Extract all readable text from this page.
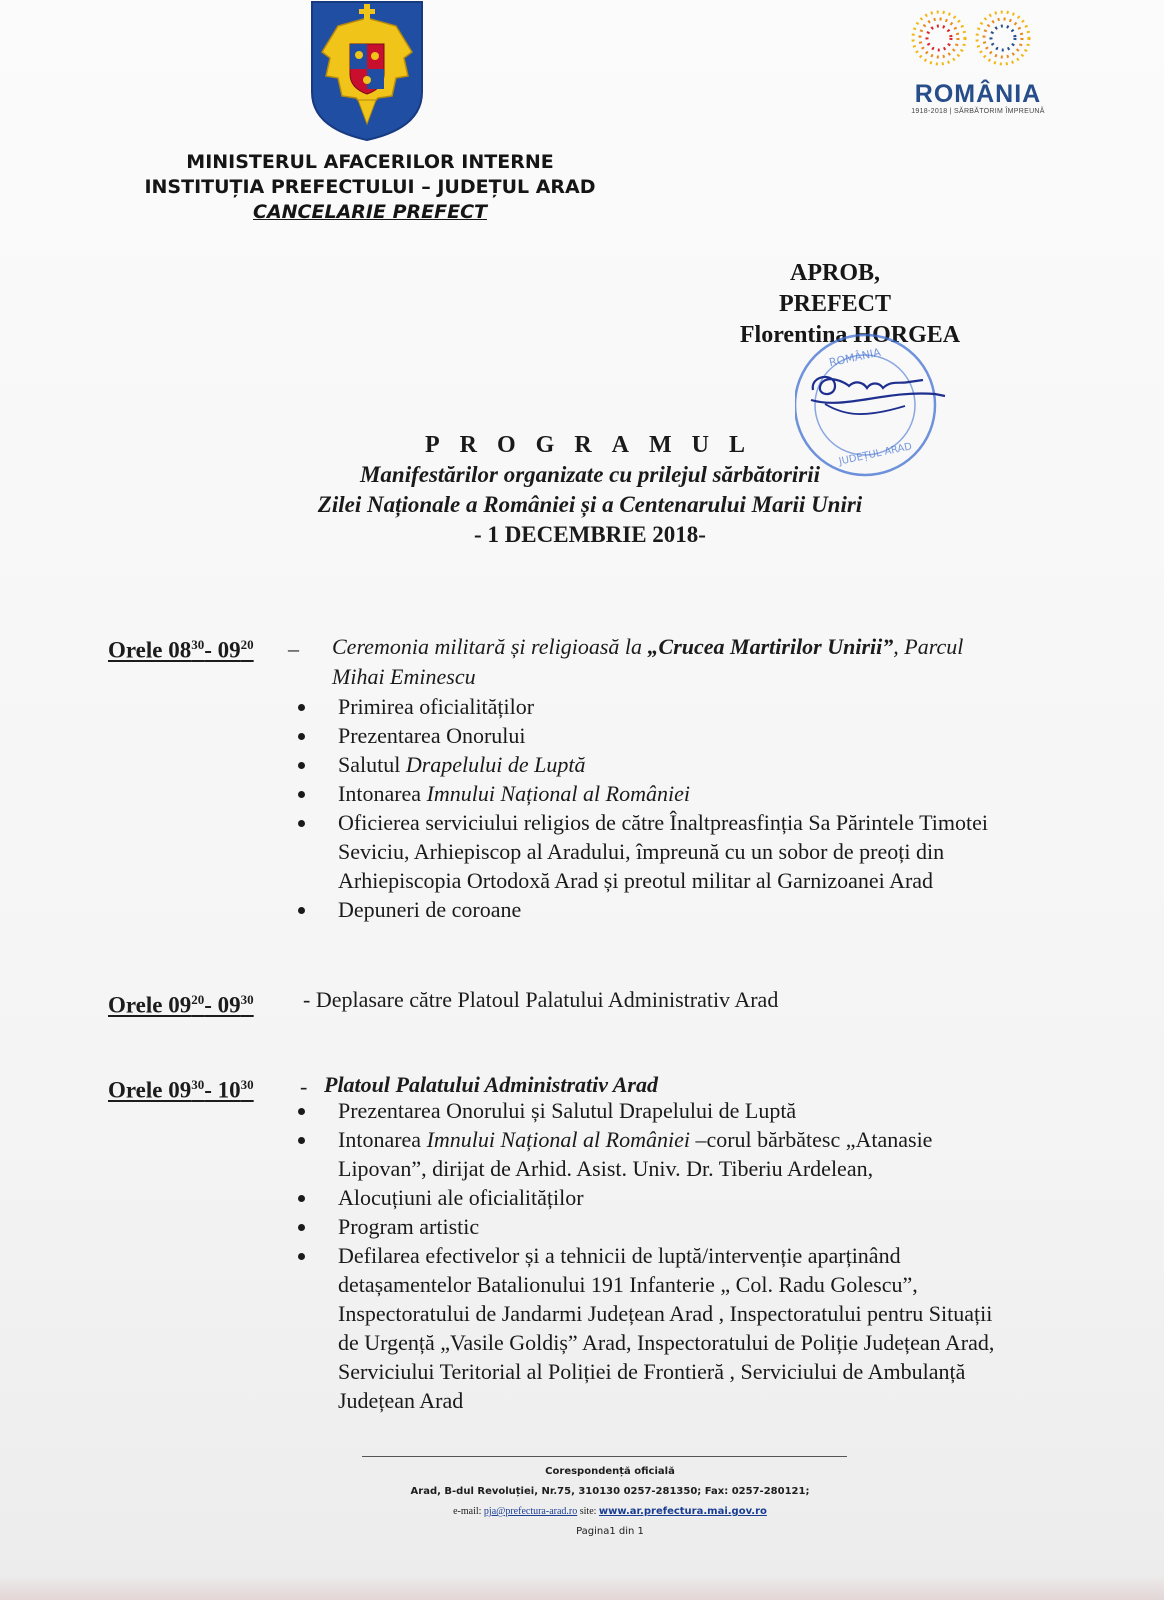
ROMÂNIA
1918-2018 | SĂRBĂTORIM ÎMPREUNĂ
MINISTERUL AFACERILOR INTERNE
INSTITUȚIA PREFECTULUI – JUDEȚUL ARAD
CANCELARIE PREFECT
APROB,
PREFECT
Florentina HORGEA
ROMÂNIA
JUDEȚUL ARAD
PROGRAMUL
Manifestărilor organizate cu prilejul sărbătoririi
Zilei Naționale a României și a Centenarului Marii Uniri
- 1 DECEMBRIE 2018-
Orele $08^{30}-$ $09^{20}$ – Ceremonia militară și religioasă la „Crucea Martirilor Unirii”, Parcul
Mihai Eminescu
Primirea oficialităților
Prezentarea Onorului
Salutul Drapelului de Luptă
Intonarea Imnului Național al României
Oficierea serviciului religios de către Înaltpreasfinția Sa Părintele Timotei
Seviciu, Arhiepiscop al Aradului, împreună cu un sobor de preoți din
Arhiepiscopia Ortodoxă Arad și preotul militar al Garnizoanei Arad
Depuneri de coroane
Orele $09^{20}-$ $09^{30}$ - Deplasare către Platoul Palatului Administrativ Arad
Orele $09^{30}-$ $10^{30}$ - Platoul Palatului Administrativ Arad
Prezentarea Onorului și Salutul Drapelului de Luptă
Intonarea Imnului Național al României –corul bărbătesc „Atanasie
Lipovan”, dirijat de Arhid. Asist. Univ. Dr. Tiberiu Ardelean,
Alocuțiuni ale oficialităților
Program artistic
Defilarea efectivelor și a tehnicii de luptă/intervenție aparținând
detașamentelor Batalionului 191 Infanterie „ Col. Radu Golescu”,
Inspectoratului de Jandarmi Județean Arad , Inspectoratului pentru Situații
de Urgență „Vasile Goldiș” Arad, Inspectoratului de Poliție Județean Arad,
Serviciului Teritorial al Poliției de Frontieră , Serviciului de Ambulanță
Județean Arad
Corespondență oficială
Arad, B-dul Revoluției, Nr.75, 310130 0257-281350; Fax: 0257-280121;
e-mail: pja@prefectura-arad.ro site: www.ar.prefectura.mai.gov.ro
Pagina1 din 1
